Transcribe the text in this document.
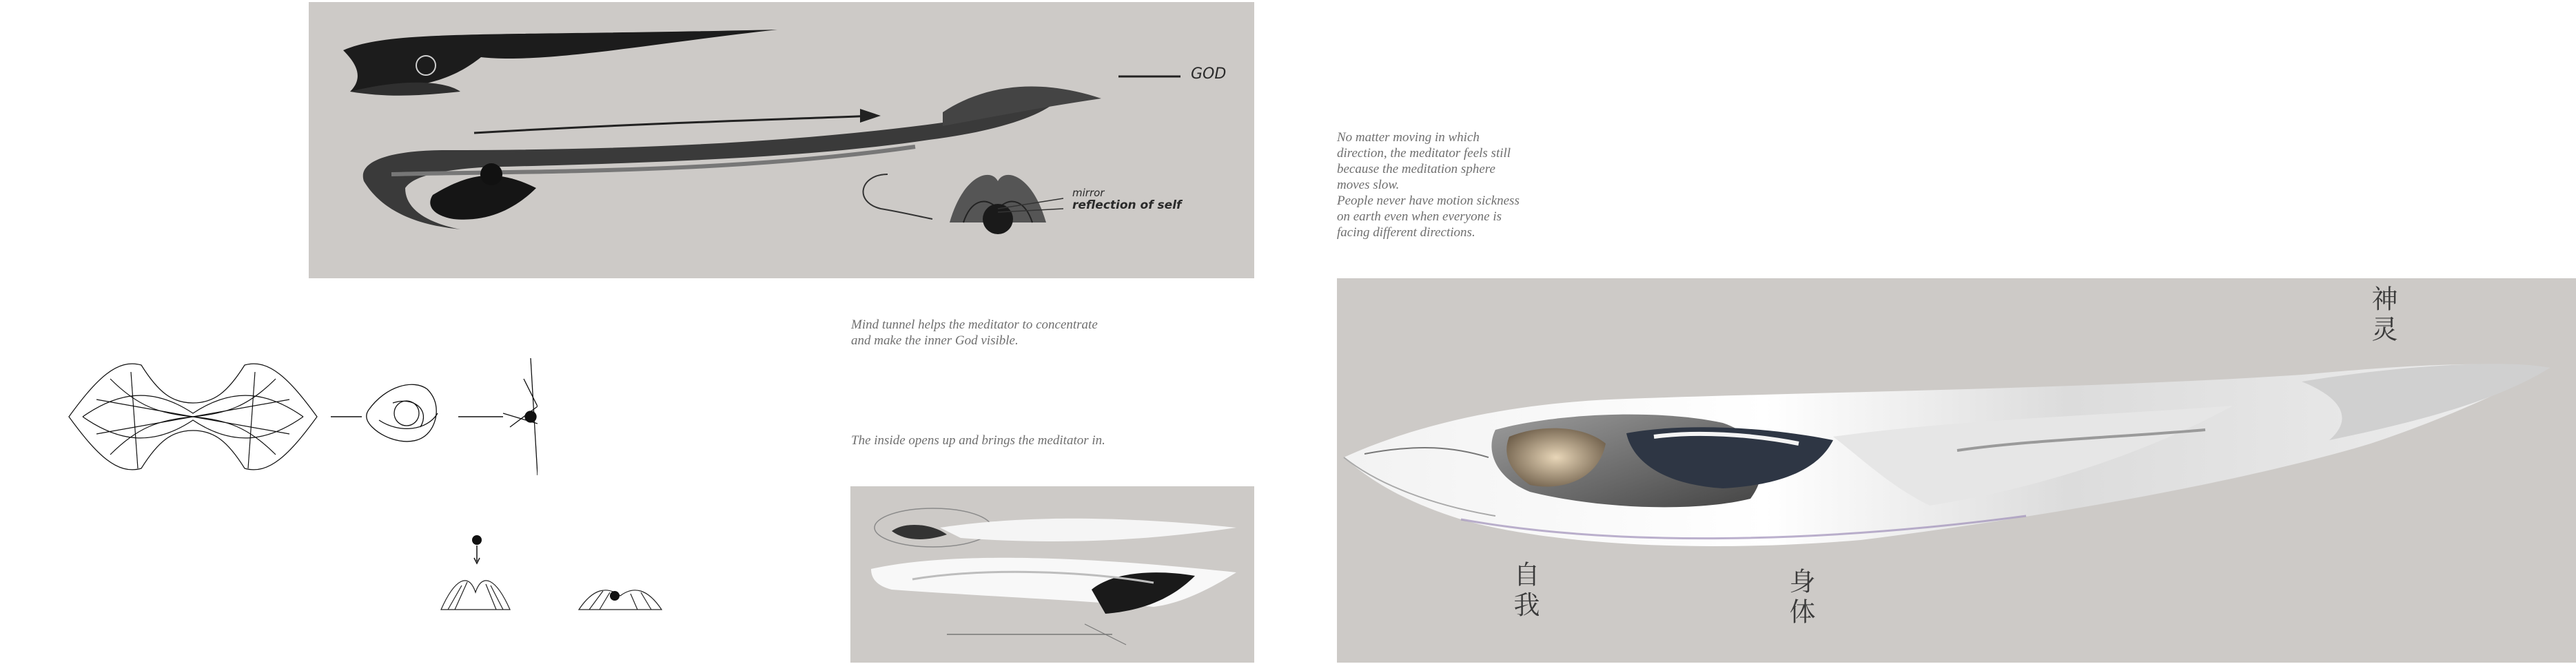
GOD
mirror
reflection of self
Mind tunnel helps the meditator to concentrate
and make the inner God visible.
The inside opens up and brings the meditator in.
No matter moving in which
direction, the meditator feels still
because the meditation sphere
moves slow.
People never have motion sickness
on earth even when everyone is
facing different directions.
神灵
自我	身体
